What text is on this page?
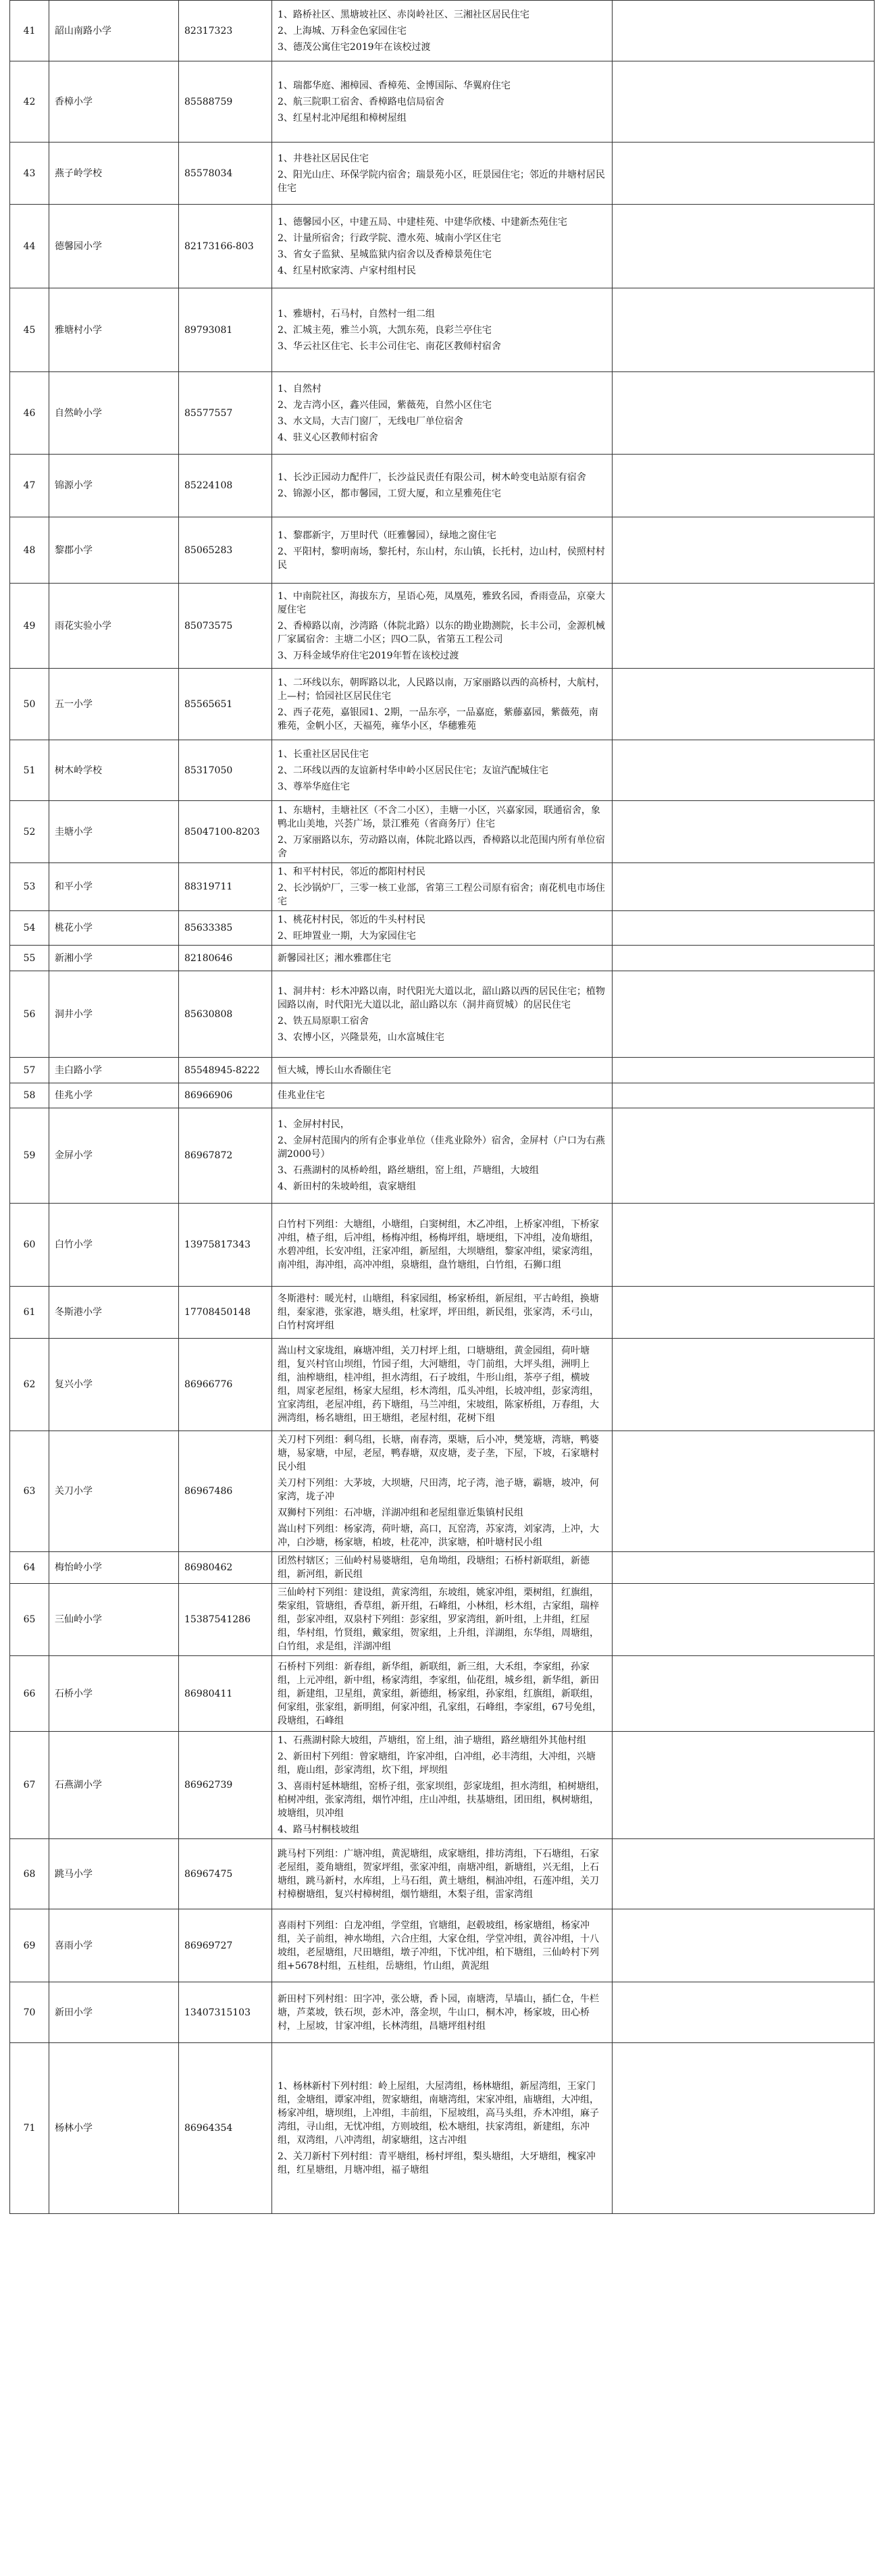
41	韶山南路小学	82317323	1、路桥社区、黑塘坡社区、赤岗岭社区、三湘社区居民住宅
2、上海城、万科金色家园住宅
3、德茂公寓住宅2019年在该校过渡	

42	香樟小学	85588759	1、瑞都华庭、湘樟园、香樟苑、金博国际、华翼府住宅
2、航三院职工宿舍、香樟路电信局宿舍
3、红星村北冲尾组和樟树屋组	

43	燕子岭学校	85578034	1、井巷社区居民住宅
2、阳光山庄、环保学院内宿舍；瑞景苑小区，旺景园住宅；邻近的井塘村居民住宅	

44	德馨园小学	82173166-803	1、德馨园小区，中建五局、中建桂苑、中建华欣楼、中建新杰苑住宅
2、计量所宿舍；行政学院、澧水苑、城南小学区住宅
3、省女子监狱、星城监狱内宿舍以及香樟景苑住宅
4、红星村欧家湾、卢家村组村民	

45	雅塘村小学	89793081	1、雅塘村，石马村，自然村一组二组
2、汇城主苑，雅兰小筑，大凯东苑，良彩兰亭住宅
3、华云社区住宅、长丰公司住宅、南花区教师村宿舍	

46	自然岭小学	85577557	1、自然村
2、龙吉湾小区，鑫兴佳园，紫薇苑，自然小区住宅
3、水文局，大吉门窗厂，无线电厂单位宿舍
4、驻义心区教师村宿舍	

47	锦源小学	85224108	1、长沙正园动力配件厂，长沙益民责任有限公司，树木岭变电站原有宿舍
2、锦源小区，都市馨园，工贸大厦，和立星雅苑住宅	

48	黎郡小学	85065283	1、黎郡新宇，万里时代（旺雅馨园），绿地之窗住宅
2、平阳村，黎明南场，黎托村，东山村，东山镇，长托村，边山村，侯照村村民	

49	雨花实验小学	85073575	1、中南院社区，海拔东方，星语心苑，凤凰苑，雅致名园，香雨壹品，京豪大厦住宅
2、香樟路以南，沙湾路（体院北路）以东的勘业勘测院，长丰公司，金源机械厂家属宿舍：主塘二小区；四O二队，省第五工程公司
3、万科金域华府住宅2019年暂在该校过渡	

50	五一小学	85565651	1、二环线以东，朝晖路以北，人民路以南，万家丽路以西的高桥村，大航村，上—村；恰园社区居民住宅
2、西子花苑，嘉银园1、2期，一品东亭，一品嘉庭，紫藤嘉园，紫薇苑，南雅苑，金帆小区，天福苑，雍华小区，华穗雅苑	

51	树木岭学校	85317050	1、长重社区居民住宅
2、二环线以西的友谊新村华申岭小区居民住宅；友谊汽配城住宅
3、尊举华庭住宅	

52	圭塘小学	85047100-8203	1、东塘村，圭塘社区（不含二小区），圭塘一小区，兴嘉家园，联通宿舍，象鸭北山美地，兴荟广场，景江雅苑（省商务厅）住宅
2、万家丽路以东，劳动路以南，体院北路以西，香樟路以北范围内所有单位宿舍	

53	和平小学	88319711	1、和平村村民，邻近的都阳村村民
2、长沙锅炉厂，三零一核工业部，省第三工程公司原有宿舍；南花机电市场住宅	

54	桃花小学	85633385	1、桃花村村民，邻近的牛头村村民
2、旺坤置业一期，大为家园住宅	

55	新湘小学	82180646	新馨园社区；湘水雅郡住宅	

56	洞井小学	85630808	1、洞井村：杉木冲路以南，时代阳光大道以北，韶山路以西的居民住宅；植物园路以南，时代阳光大道以北，韶山路以东（洞井商贸城）的居民住宅
2、铁五局原职工宿舍
3、农博小区，兴隆景苑，山水富城住宅	

57	圭白路小学	85548945-8222	恒大城，博长山水香颐住宅	

58	佳兆小学	86966906	佳兆业住宅	

59	金屏小学	86967872	1、金屏村村民，
2、金屏村范围内的所有企事业单位（佳兆业除外）宿舍，金屏村（户口为右燕湖2000号）
3、石燕湖村的凤桥岭组，路丝塘组，窑上组，芦塘组，大坡组
4、新田村的朱坡岭组，袁家塘组	

60	白竹小学	13975817343	白竹村下列组：大塘组，小塘组，白窦树组，木乙冲组，上桥家冲组，下桥家冲组，楂子组，后冲组，杨梅冲组，杨梅坪组，塘埂组，下冲组，凌角塘组，水碧冲组，长安冲组，汪家冲组，新屋组，大坝塘组，黎家冲组，梁家湾组，南冲组，海冲组，高冲冲组，泉塘组，盘竹塘组，白竹组，石狮口组	

61	冬斯港小学	17708450148	冬斯港村：暖光村，山塘组，科家园组，杨家桥组，新屋组，平古岭组，换塘组，秦家港，张家港，塘头组，杜家坪，坪田组，新民组，张家湾，禾弓山，白竹村窝坪组	

62	复兴小学	86966776	嵩山村文家垅组，麻塘冲组，关刀村坪上组，口塘塘组，黄金园组，荷叶塘组，复兴村官山坝组，竹园子组，大河塘组，寺门前组，大坪头组，洲明上组，油榨塘组，桂冲组，担水湾组，石子坡组，牛形山组，茶亭子组，横坡组，周家老屋组，杨家大屋组，杉木湾组，瓜头冲组，长坡冲组，彭家湾组，宜家湾组，老屋冲组，药下塘组，马兰冲组，宋坡组，陈家桥组，万春组，大洲湾组，杨名塘组，田王塘组，老屋村组，花树下组	

63	关刀小学	86967486	关刀村下列组：剩乌组，长塘，南春湾，栗塘，后小冲，樊笼塘，湾塘，鸭婆塘，易家塘，中屋，老屋，鸭春塘，双皮塘，麦子垄，下屋，下坡，石家塘村民小组
关刀村下列组：大茅坡，大坝塘，尺田湾，坨子湾，池子塘，霸塘，坡冲，何家湾，垅子冲
双狮村下列组：石冲塘，洋湖冲组和老屋组靠近集镇村民组
嵩山村下列组：杨家湾，荷叶塘，高口，瓦窑湾，苏家湾，刘家湾，上冲，大冲，白沙塘，杨家塘，柏坡，杜花冲，洪家塘，柏叶塘村民小组	

64	梅怡岭小学	86980462	团然村辖区；三仙岭村易婆塘组，皂角坳组，段塘组；石桥村新联组，新德组，新河组，新民组	

65	三仙岭小学	15387541286	三仙岭村下列组：建设组，黄家湾组，东坡组，姚家冲组，栗树组，红旗组，柴家组，管塘组，香草组，新开组，石峰组，小林组，杉木组，古家组，瑞梓组，彭家冲组，双泉村下列组：彭家组，罗家湾组，新叶组，上井组，红屋组，华村组，竹贤组，戴家组，贺家组，上升组，洋湖组，东华组，周塘组，白竹组，求是组，洋湖冲组	

66	石桥小学	86980411	石桥村下列组：新春组，新华组，新联组，新三组，大禾组，李家组，孙家组，上元冲组，新中组，杨家湾组，李家组，仙花组，城乡组，新华组，新田组，新建组，卫星组，黄家组，新德组，杨家组，孙家组，红旗组，新联组，何家组，张家组，新明组，何家冲组，孔家组，石峰组，李家组，67号免组，段塘组，石峰组	

67	石燕湖小学	86962739	1、石燕湖村除大坡组，芦塘组，窑上组，油子塘组，路丝塘组外其他村组
2、新田村下列组：曾家塘组，许家冲组，白冲组，必丰湾组，大冲组，兴塘组，鹿山组，彭家湾组，坎下组，坪坝组
3、喜雨村延林塘组，窑桥子组，张家坝组，彭家垅组，担水湾组，柏树塘组，柏树冲组，张家湾组，烟竹冲组，庄山冲组，扶基塘组，团田组，枫树塘组，坡塘组，贝冲组
4、路马村桐枝坡组	

68	跳马小学	86967475	跳马村下列组：广塘冲组，黄泥塘组，成家塘组，排坊湾组，下石塘组，石家老屋组，菱角塘组，贺家坪组，张家冲组，南塘冲组，新塘组，兴无组，上石塘组，跳马新村，水库组，上马石组，黄土塘组，桐油冲组，石莲冲组，关刀村樟樹塘组，复兴村樟树组，烟竹塘组，木梨子组，雷家湾组	

69	喜雨小学	86969727	喜雨村下列组：白龙冲组，学堂组，官塘组，赵毂坡组，杨家塘组，杨家冲组，关子前组，神水坳组，六合庄组，大家仓组，学堂冲组，黄谷冲组，十八坡组，老屋塘组，尺田塘组，墩子冲组，下忧冲组，柏下塘组，三仙岭村下列组+5678村组，五桂组，岳塘组，竹山组，黄泥组	

70	新田小学	13407315103	新田村下列村组：田字冲，张公塘，香卜园，南塘湾，旱墙山，插仁仓，牛栏塘，芦菜坡，铁石坝，彭木冲，落金坝，牛山口，桐木冲，杨家坡，田心桥村，上屋坡，甘家冲组，长林湾组，昌塘坪组村组	

71	杨林小学	86964354	1、杨林新村下列村组：岭上屋组，大屋湾组，杨林塘组，新屋湾组，王家门组，金塘组，谭家冲组，贺家塘组，南塘湾组，宋家冲组，庙塘组，大冲组，杨家冲组，塘坝组，上冲组，丰前组，下屋坡组，高马头组，乔木冲组，麻子湾组，寻山组，无忧冲组，方则坡组，松木塘组，扶家湾组，新建组，东冲组，双湾组，八冲湾组，胡家塘组，这古冲组
2、关刀新村下列村组：青平塘组，杨村坪组，梨头塘组，大牙塘组，槐家冲组，红星塘组，月塘冲组，福子塘组	
